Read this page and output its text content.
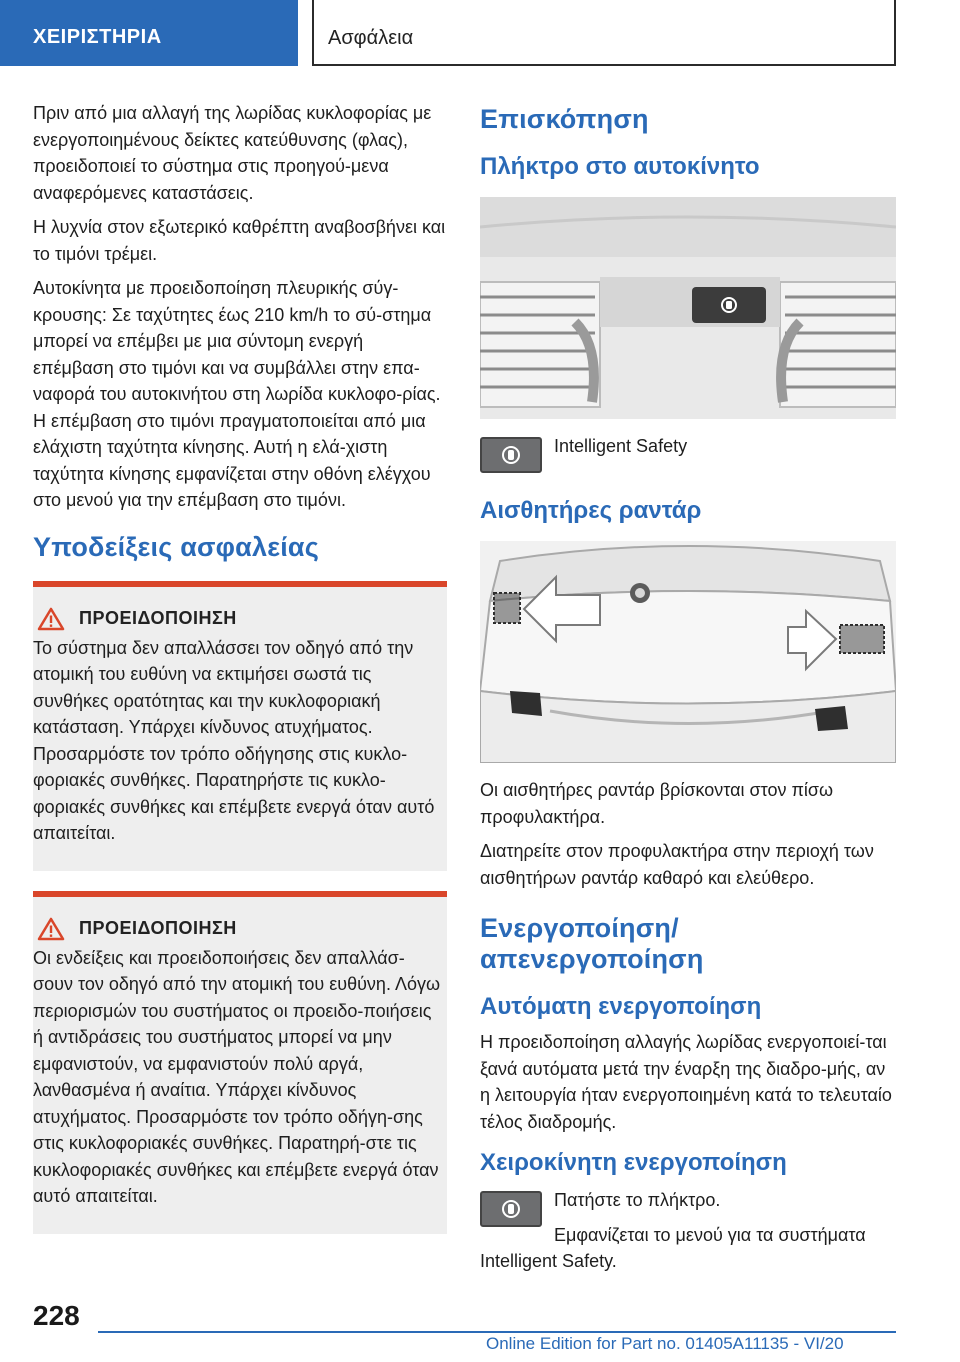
ΧΕΙΡΙΣΤΗΡΙΑ	Ασφάλεια

Πριν από μια αλλαγή της λωρίδας κυκλοφορίας με ενεργοποιημένους δείκτες κατεύθυνσης (φλας), προειδοποιεί το σύστημα στις προηγού-μενα αναφερόμενες καταστάσεις.

Η λυχνία στον εξωτερικό καθρέπτη αναβοσβήνει και το τιμόνι τρέμει.

Αυτοκίνητα με προειδοποίηση πλευρικής σύγ-κρουσης: Σε ταχύτητες έως 210 km/h το σύ-στημα μπορεί να επέμβει με μια σύντομη ενεργή επέμβαση στο τιμόνι και να συμβάλλει στην επα-ναφορά του αυτοκινήτου στη λωρίδα κυκλοφο-ρίας. Η επέμβαση στο τιμόνι πραγματοποιείται από μια ελάχιστη ταχύτητα κίνησης. Αυτή η ελά-χιστη ταχύτητα κίνησης εμφανίζεται στην οθόνη ελέγχου στο μενού για την επέμβαση στο τιμόνι.

Υποδείξεις ασφαλείας
ΠΡΟΕΙΔΟΠΟΙΗΣΗ

Το σύστημα δεν απαλλάσσει τον οδηγό από την ατομική του ευθύνη να εκτιμήσει σωστά τις συνθήκες ορατότητας και την κυκλοφοριακή κατάσταση. Υπάρχει κίνδυνος ατυχήματος. Προσαρμόστε τον τρόπο οδήγησης στις κυκλο-φοριακές συνθήκες. Παρατηρήστε τις κυκλο-φοριακές συνθήκες και επέμβετε ενεργά όταν αυτό απαιτείται.

ΠΡΟΕΙΔΟΠΟΙΗΣΗ

Οι ενδείξεις και προειδοποιήσεις δεν απαλλάσ-σουν τον οδηγό από την ατομική του ευθύνη. Λόγω περιορισμών του συστήματος οι προειδο-ποιήσεις ή αντιδράσεις του συστήματος μπορεί να μην εμφανιστούν, να εμφανιστούν πολύ αργά, λανθασμένα ή αναίτια. Υπάρχει κίνδυνος ατυχήματος. Προσαρμόστε τον τρόπο οδήγη-σης στις κυκλοφοριακές συνθήκες. Παρατηρή-στε τις κυκλοφοριακές συνθήκες και επέμβετε ενεργά όταν αυτό απαιτείται.

Επισκόπηση
Πλήκτρο στο αυτοκίνητο

Intelligent Safety

Αισθητήρες ραντάρ

Οι αισθητήρες ραντάρ βρίσκονται στον πίσω προφυλακτήρα.

Διατηρείτε στον προφυλακτήρα στην περιοχή των αισθητήρων ραντάρ καθαρό και ελεύθερο.

Ενεργοποίηση/απενεργοποίηση
Αυτόματη ενεργοποίηση

Η προειδοποίηση αλλαγής λωρίδας ενεργοποιεί-ται ξανά αυτόματα μετά την έναρξη της διαδρο-μής, αν η λειτουργία ήταν ενεργοποιημένη κατά το τελευταίο τέλος διαδρομής.

Χειροκίνητη ενεργοποίηση

Πατήστε το πλήκτρο.

Εμφανίζεται το μενού για τα συστήματα Intelligent Safety.

228
Online Edition for Part no. 01405A11135 - VI/20
